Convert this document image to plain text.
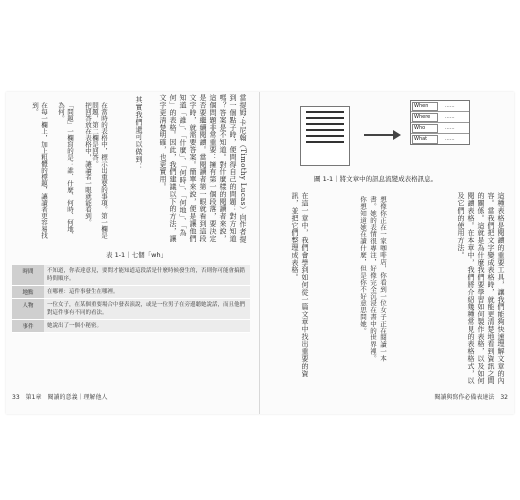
當提姆·卡尼翰（Timothy Lucas）向作者提到一個點子時，便問得自己的問題：對方知道嗎？答案是不知道。對什麼樣的閱讀者來說，這個問題非常重要：擁有第一個段落，要決定是否要繼續閱讀。當閱讀者第一眼就看到這段文字時，就需要答案。簡單來說，便是讓他們知道「誰」、「什麼」、「何時」、「何地」、「為何」的表格。因此，我們建議以下的方法，讓文字更清楚明確，也更實用。
其實我們還可以做到：
在當時的表格中，標示出重要的事項。第一欄是問題，第二欄是回答。
把回答放在表格中，讓讀者一眼就能看到。
「問題」一欄寫的是：誰、什麼、何時、何地、為何。
在每一欄上，加上粗體的標題，讓讀者更容易找到。
表 1-1｜七個「wh」
時間	不知道，你表達意見，要問才能知道這段話是什麼時候發生的，否則你可能會搞錯時間順序。
地點	在哪裡：這件事發生在哪裡。
人物	一位女子，在某個重要場合中發表演說，或是一位男子在旁邊聽她說話，而且他們對這件事有不同的看法。
事件	她說出了一個小秘密。
33　第1章　閱讀的意義｜理解他人
When	......
Where	......
Who	......
What	......
圖 1-1｜將文章中的訊息流變成表格訊息。
這種表格是閱讀的重要工具，讓我們能夠快速理解文章的內容。當我們把文字變成表格時，就能更清楚地看到資訊之間的關係。這就是為什麼我們要學習如何製作表格，以及如何閱讀表格。在本章中，我們將介紹幾種常見的表格格式，以及它們的使用方法。
想像你正在一家咖啡店，你看到一位女子正在閱讀一本書。她的表情很專注，好像完全沉浸在書中的世界裡。你想知道她在讀什麼，但是你不好意思問她。
在這一章中，我們會學到如何從一篇文章中找出重要的資訊，並把它們整理成表格。
閱讀與寫作必備表達法　32
